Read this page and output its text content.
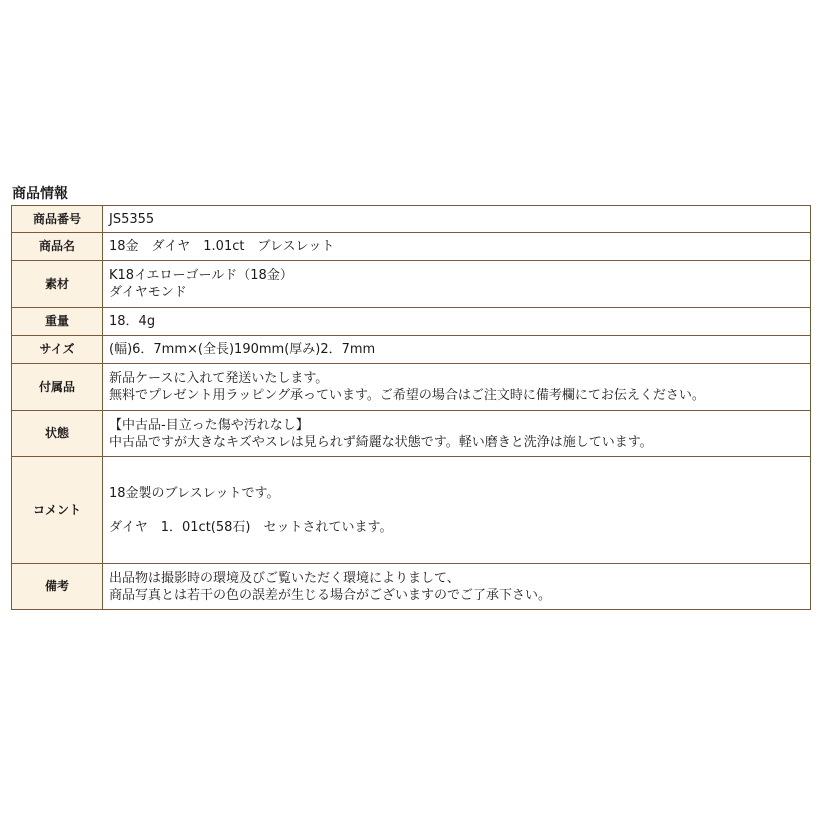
商品情報
商品番号	JS5355

商品名	18金　ダイヤ　1.01ct　ブレスレット

素材	K18イエローゴールド（18金）
ダイヤモンド

重量	18．4g

サイズ	(幅)6．7mm×(全長)190mm(厚み)2．7mm

付属品	新品ケースに入れて発送いたします。
無料でプレゼント用ラッピング承っています。ご希望の場合はご注文時に備考欄にてお伝えください。

状態	【中古品-目立った傷や汚れなし】
中古品ですが大きなキズやスレは見られず綺麗な状態です。軽い磨きと洗浄は施しています。

コメント	18金製のブレスレットです。
ダイヤ　1．01ct(58石)　セットされています。

備考	出品物は撮影時の環境及びご覧いただく環境によりまして、
商品写真とは若干の色の誤差が生じる場合がございますのでご了承下さい。
